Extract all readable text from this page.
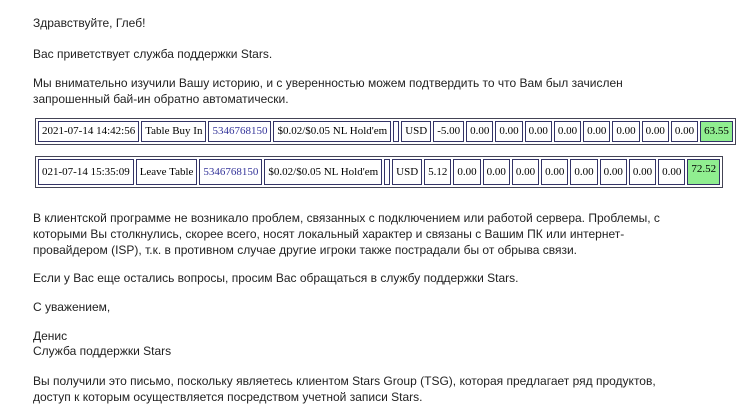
Здравствуйте, Глеб!

Вас приветствует служба поддержки Stars.

Мы внимательно изучили Вашу историю, и с уверенностью можем подтвердить то что Вам был зачислен запрошенный бай-ин обратно автоматически.

2021-07-14 14:42:56	Table Buy In	5346768150	$0.02/$0.05 NL Hold'em		USD	-5.00	0.00	0.00	0.00	0.00	0.00	0.00	0.00	0.00	63.55
021-07-14 15:35:09	Leave Table	5346768150	$0.02/$0.05 NL Hold'em		USD	5.12	0.00	0.00	0.00	0.00	0.00	0.00	0.00	0.00	72.52

В клиентской программе не возникало проблем, связанных с подключением или работой сервера. Проблемы, с которыми Вы столкнулись, скорее всего, носят локальный характер и связаны с Вашим ПК или интернет-провайдером (ISP), т.к. в противном случае другие игроки также пострадали бы от обрыва связи.

Если у Вас еще остались вопросы, просим Вас обращаться в службу поддержки Stars.

С уважением,

Денис

Служба поддержки Stars

Вы получили это письмо, поскольку являетесь клиентом Stars Group (TSG), которая предлагает ряд продуктов, доступ к которым осуществляется посредством учетной записи Stars.
